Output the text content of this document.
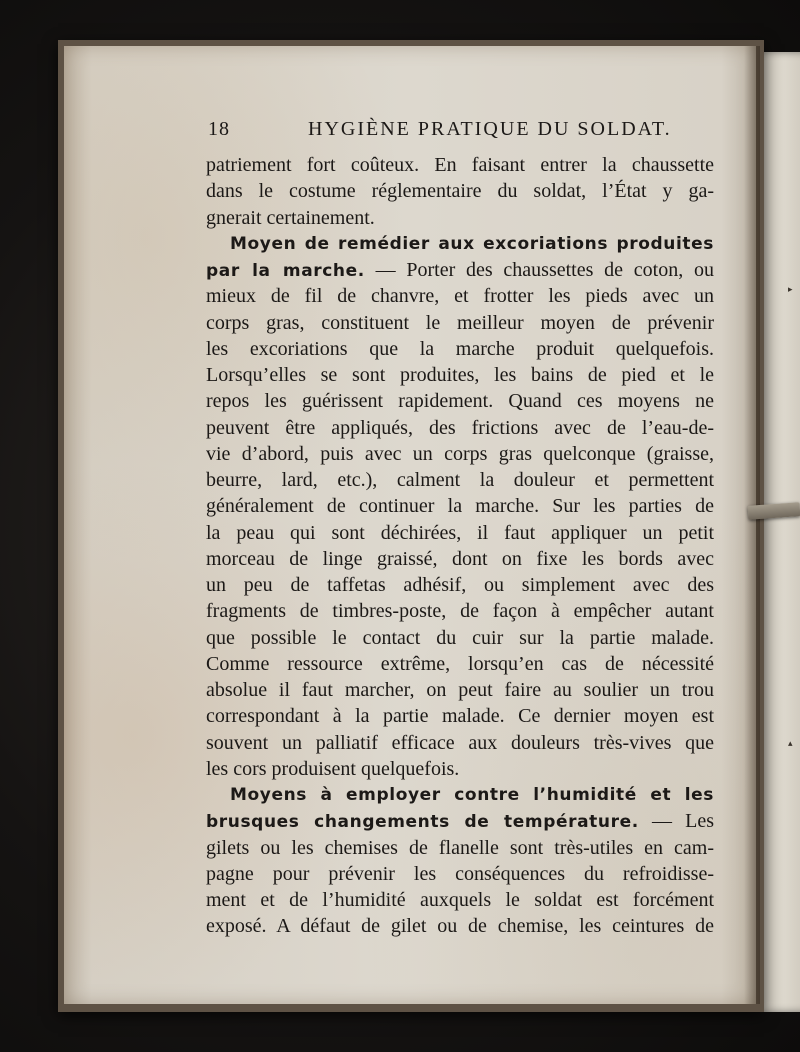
▸
▴
18	HYGIÈNE PRATIQUE DU SOLDAT.
patriement fort coûteux. En faisant entrer la chaussette
dans le costume réglementaire du soldat, l’État y ga-
gnerait certainement.
Moyen de remédier aux excoriations produites
par la marche. — Porter des chaussettes de coton, ou
mieux de fil de chanvre, et frotter les pieds avec un
corps gras, constituent le meilleur moyen de prévenir
les excoriations que la marche produit quelquefois.
Lorsqu’elles se sont produites, les bains de pied et le
repos les guérissent rapidement. Quand ces moyens ne
peuvent être appliqués, des frictions avec de l’eau-de-
vie d’abord, puis avec un corps gras quelconque (graisse,
beurre, lard, etc.), calment la douleur et permettent
généralement de continuer la marche. Sur les parties de
la peau qui sont déchirées, il faut appliquer un petit
morceau de linge graissé, dont on fixe les bords avec
un peu de taffetas adhésif, ou simplement avec des
fragments de timbres-poste, de façon à empêcher autant
que possible le contact du cuir sur la partie malade.
Comme ressource extrême, lorsqu’en cas de nécessité
absolue il faut marcher, on peut faire au soulier un trou
correspondant à la partie malade. Ce dernier moyen est
souvent un palliatif efficace aux douleurs très-vives que
les cors produisent quelquefois.
Moyens à employer contre l’humidité et les
brusques changements de température. — Les
gilets ou les chemises de flanelle sont très-utiles en cam-
pagne pour prévenir les conséquences du refroidisse-
ment et de l’humidité auxquels le soldat est forcément
exposé. A défaut de gilet ou de chemise, les ceintures de
